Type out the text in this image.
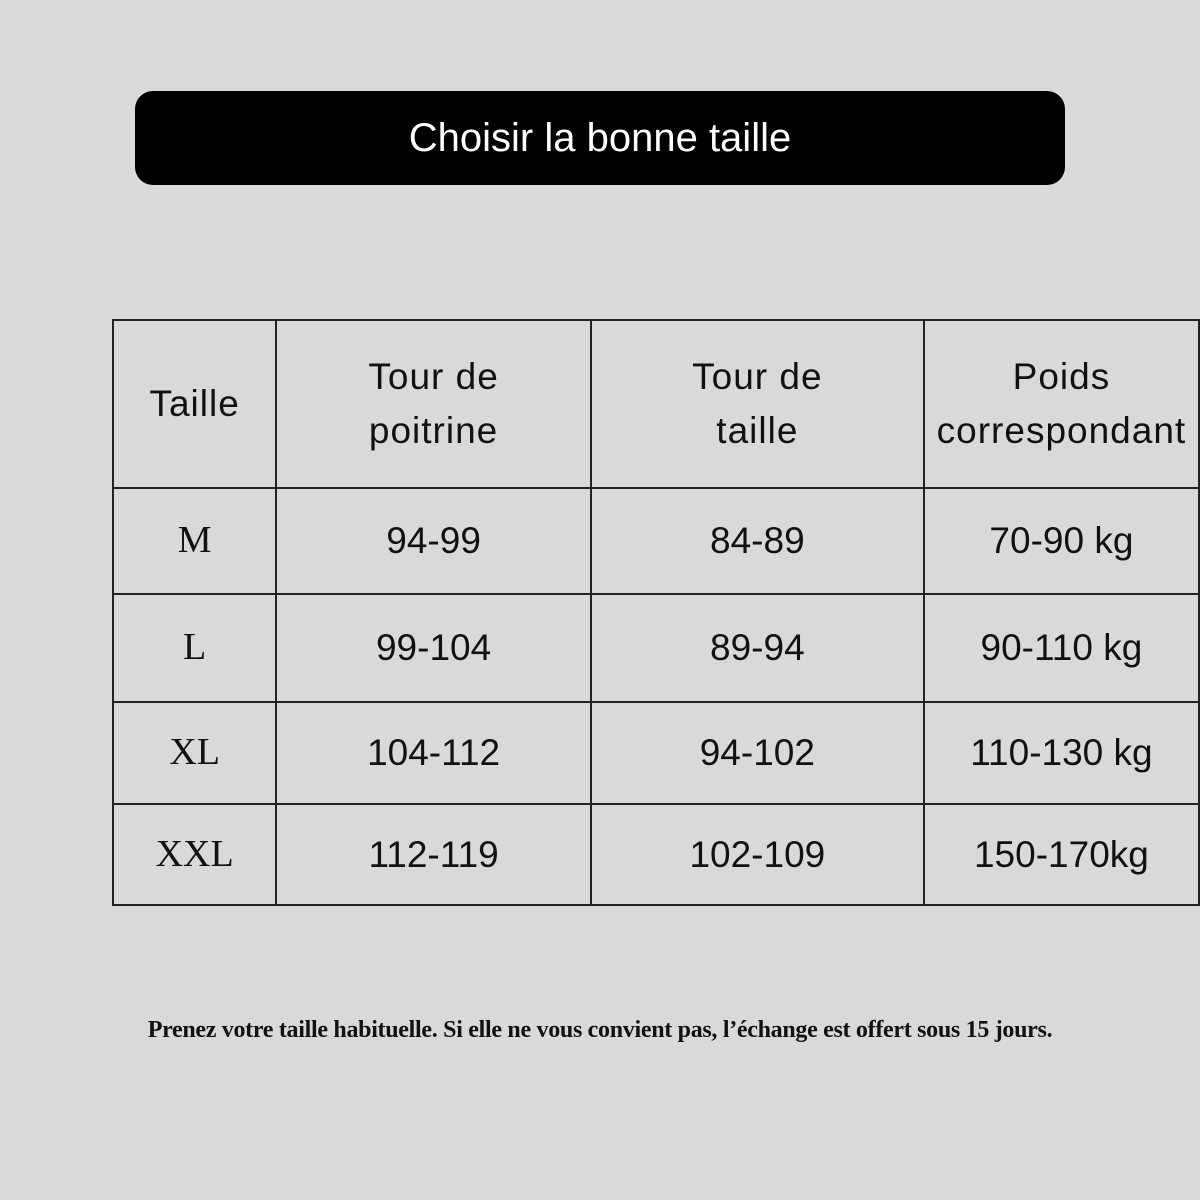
Choisir la bonne taille
Taille	Tour de poitrine	Tour de taille	Poids correspondant
M	94-99	84-89	70-90 kg
L	99-104	89-94	90-110 kg
XL	104-112	94-102	110-130 kg
XXL	112-119	102-109	150-170kg
Prenez votre taille habituelle. Si elle ne vous convient pas, l’échange est offert sous 15 jours.
